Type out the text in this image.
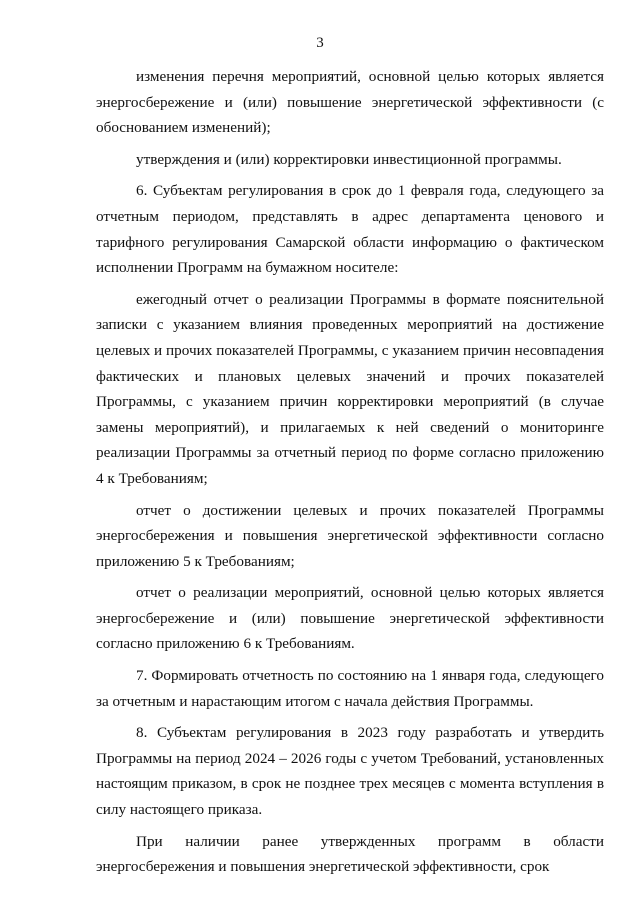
3

изменения перечня мероприятий, основной целью которых является энергосбережение и (или) повышение энергетической эффективности (с обоснованием изменений);

утверждения и (или) корректировки инвестиционной программы.

6. Субъектам регулирования в срок до 1 февраля года, следующего за отчетным периодом, представлять в адрес департамента ценового и тарифного регулирования Самарской области информацию о фактическом исполнении Программ на бумажном носителе:

ежегодный отчет о реализации Программы в формате пояснительной записки с указанием влияния проведенных мероприятий на достижение целевых и прочих показателей Программы, с указанием причин несовпадения фактических и плановых целевых значений и прочих показателей Программы, с указанием причин корректировки мероприятий (в случае замены мероприятий), и прилагаемых к ней сведений о мониторинге реализации Программы за отчетный период по форме согласно приложению 4 к Требованиям;

отчет о достижении целевых и прочих показателей Программы энергосбережения и повышения энергетической эффективности согласно приложению 5 к Требованиям;

отчет о реализации мероприятий, основной целью которых является энергосбережение и (или) повышение энергетической эффективности согласно приложению 6 к Требованиям.

7. Формировать отчетность по состоянию на 1 января года, следующего за отчетным и нарастающим итогом с начала действия Программы.

8. Субъектам регулирования в 2023 году разработать и утвердить Программы на период 2024 – 2026 годы с учетом Требований, установленных настоящим приказом, в срок не позднее трех месяцев с момента вступления в силу настоящего приказа.

При наличии ранее утвержденных программ в области энергосбережения и повышения энергетической эффективности, срок
